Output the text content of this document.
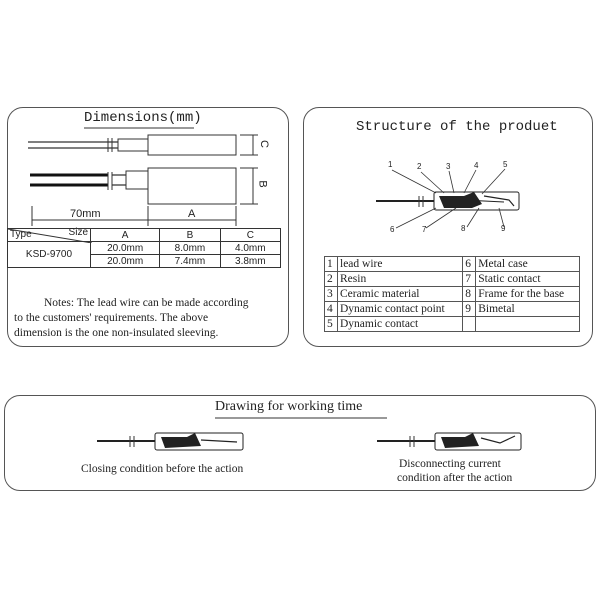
Dimensions(mm)
C
B
70mm	A
Type Size	A	B	C
KSD-9700	20.0mm	8.0mm	4.0mm
	20.0mm	7.4mm	3.8mm
Notes: The lead wire can be made according
to the customers' requirements. The above
dimension is the one non-insulated sleeving.
Structure of the produet
1	2	3	4	5
6	7	8	9
1	lead wire	6	Metal case
2	Resin	7	Static contact
3	Ceramic material	8	Frame for the base
4	Dynamic contact point	9	Bimetal
5	Dynamic contact		
Drawing for working time
Closing condition before the action	Disconnecting current
condition after the action
